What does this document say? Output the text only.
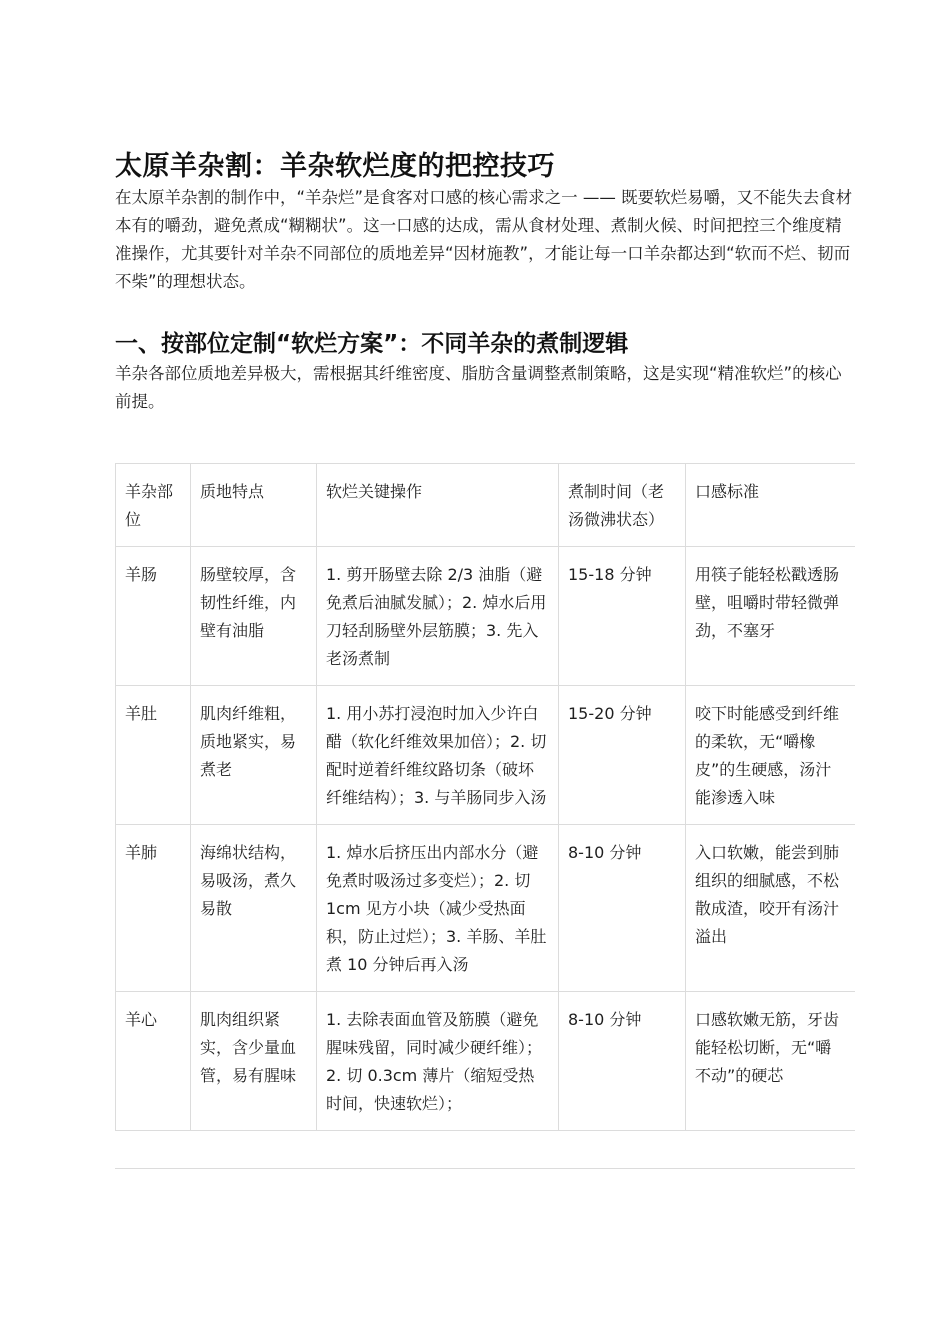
太原羊杂割：羊杂软烂度的把控技巧

在太原羊杂割的制作中，“羊杂烂”是食客对口感的核心需求之一 —— 既要软烂易嚼，又不能失去食材本有的嚼劲，避免煮成“糊糊状”。这一口感的达成，需从食材处理、煮制火候、时间把控三个维度精准操作，尤其要针对羊杂不同部位的质地差异“因材施教”，才能让每一口羊杂都达到“软而不烂、韧而不柴”的理想状态。

一、按部位定制“软烂方案”：不同羊杂的煮制逻辑

羊杂各部位质地差异极大，需根据其纤维密度、脂肪含量调整煮制策略，这是实现“精准软烂”的核心前提。

羊杂部位	质地特点	软烂关键操作	煮制时间（老汤微沸状态）	口感标准
羊肠	肠壁较厚，含韧性纤维，内壁有油脂	1. 剪开肠壁去除 2/3 油脂（避免煮后油腻发腻）；2. 焯水后用刀轻刮肠壁外层筋膜；3. 先入老汤煮制	15-18 分钟	用筷子能轻松戳透肠壁，咀嚼时带轻微弹劲，不塞牙
羊肚	肌肉纤维粗，质地紧实，易煮老	1. 用小苏打浸泡时加入少许白醋（软化纤维效果加倍）；2. 切配时逆着纤维纹路切条（破坏纤维结构）；3. 与羊肠同步入汤	15-20 分钟	咬下时能感受到纤维的柔软，无“嚼橡皮”的生硬感，汤汁能渗透入味
羊肺	海绵状结构，易吸汤，煮久易散	1. 焯水后挤压出内部水分（避免煮时吸汤过多变烂）；2. 切 1cm 见方小块（减少受热面积，防止过烂）；3. 羊肠、羊肚煮 10 分钟后再入汤	8-10 分钟	入口软嫩，能尝到肺组织的细腻感，不松散成渣，咬开有汤汁溢出
羊心	肌肉组织紧实，含少量血管，易有腥味	1. 去除表面血管及筋膜（避免腥味残留，同时减少硬纤维）；2. 切 0.3cm 薄片（缩短受热时间，快速软烂）；	8-10 分钟	口感软嫩无筋，牙齿能轻松切断，无“嚼不动”的硬芯
